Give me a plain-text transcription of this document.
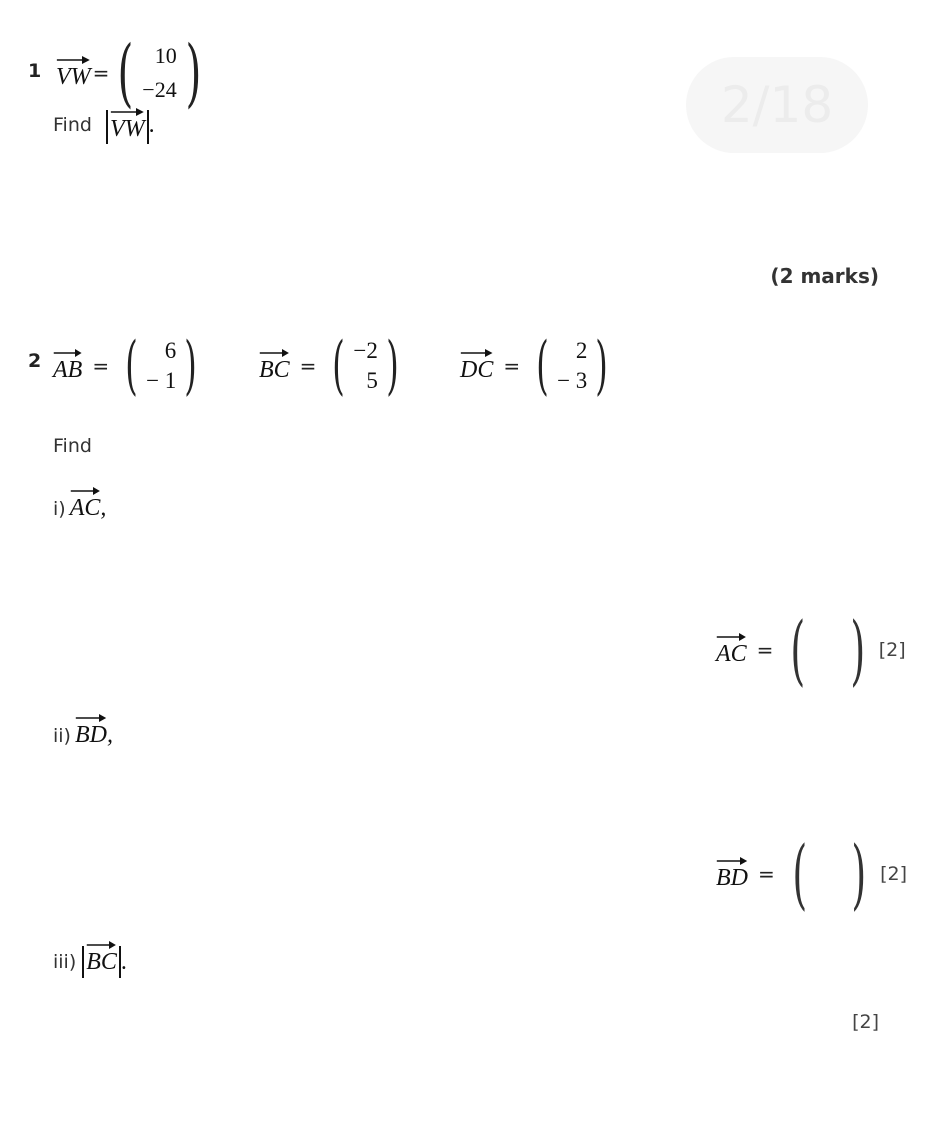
2/18
1 VW = ( 10
−24 )
Find VW .
(2 marks)
2 AB = ( 6
− 1 )	BC = ( −2
5 )	DC = ( 2
− 3 )
Find
i) AC ,
AC = ( ) [2]
ii) BD ,
BD = ( ) [2]
iii) BC .
[2]
